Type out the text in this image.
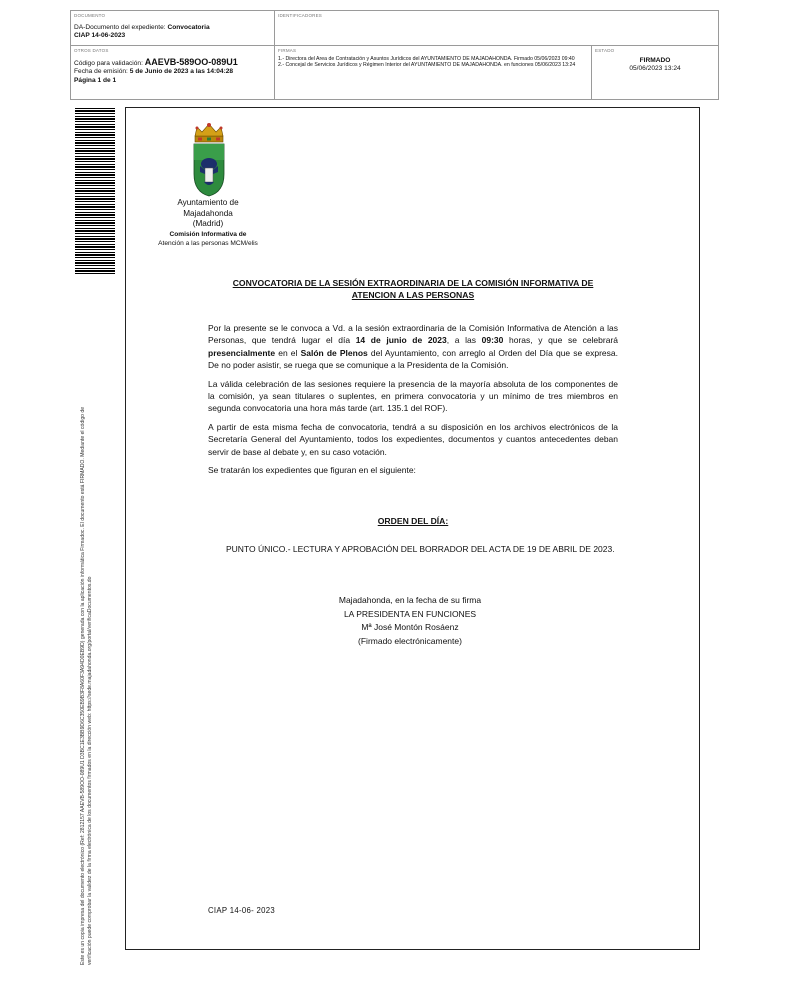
DOCUMENTO
DA-Documento del expediente: Convocatoria
CIAP 14-06-2023
IDENTIFICADORES
OTROS DATOS
Código para validación: AAEVB-589OO-089U1
Fecha de emisión: 5 de Junio de 2023 a las 14:04:28
Página 1 de 1
FIRMAS
1.- Directora del Area de Contratación y Asuntos Jurídicos del AYUNTAMIENTO DE MAJADAHONDA. Firmado 05/06/2023 09:40
2.- Concejal de Servicios Jurídicos y Régimen Interior del AYUNTAMIENTO DE MAJADAHONDA. en funciones 05/06/2023 13:24
ESTADO
FIRMADO
05/06/2023 13:24
Este es un copia impresa del documento electrónico (Ref: 2812157 AAEVB-589OO-089U1 D3BC1E3BB9D6C350EB9B3F8A60F3A94D0EB9D) generada con la aplicación informática Firmadoc. El documento está FIRMADO. Mediante el código de verificación puede comprobar la validez de la firma electrónica de los documentos firmados en la dirección web: https://sede.majadahonda.org/portal/verificaDocumentos.do
Ayuntamiento de
Majadahonda
(Madrid)
Comisión Informativa de
Atención a las personas MCM/elis
CONVOCATORIA DE LA SESIÓN EXTRAORDINARIA DE LA COMISIÓN INFORMATIVA DE
ATENCION A LAS PERSONAS

Por la presente se le convoca a Vd. a la sesión extraordinaria de la Comisión Informativa de Atención a las Personas, que tendrá lugar el día 14 de junio de 2023, a las 09:30 horas, y que se celebrará presencialmente en el Salón de Plenos del Ayuntamiento, con arreglo al Orden del Día que se expresa. De no poder asistir, se ruega que se comunique a la Presidenta de la Comisión.

La válida celebración de las sesiones requiere la presencia de la mayoría absoluta de los componentes de la comisión, ya sean titulares o suplentes, en primera convocatoria y un mínimo de tres miembros en segunda convocatoria una hora más tarde (art. 135.1 del ROF).

A partir de esta misma fecha de convocatoria, tendrá a su disposición en los archivos electrónicos de la Secretaría General del Ayuntamiento, todos los expedientes, documentos y cuantos antecedentes deban servir de base al debate y, en su caso votación.

Se tratarán los expedientes que figuran en el siguiente:

ORDEN DEL DÍA:
PUNTO ÚNICO.- LECTURA Y APROBACIÓN DEL BORRADOR DEL ACTA DE 19 DE ABRIL DE 2023.
Majadahonda, en la fecha de su firma
LA PRESIDENTA EN FUNCIONES
Mª José Montón Rosáenz
(Firmado electrónicamente)
CIAP 14-06- 2023
